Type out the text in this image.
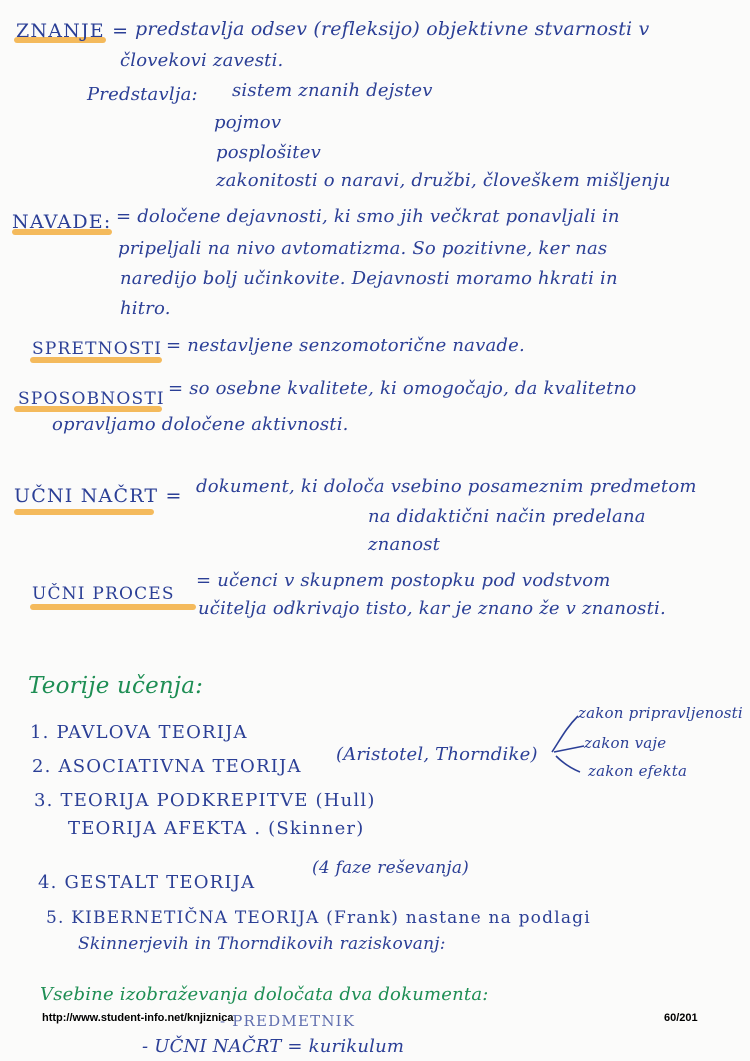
ZNANJE = predstavlja odsev (refleksijo) objektivne stvarnosti v
človekovi zavesti.
Predstavlja: sistem znanih dejstev
pojmov
posplošitev
zakonitosti o naravi, družbi, človeškem mišljenju
NAVADE: = določene dejavnosti, ki smo jih večkrat ponavljali in
pripeljali na nivo avtomatizma. So pozitivne, ker nas
naredijo bolj učinkovite. Dejavnosti moramo hkrati in
hitro.
SPRETNOSTI = nestavljene senzomotorične navade.
SPOSOBNOSTI = so osebne kvalitete, ki omogočajo, da kvalitetno
opravljamo določene aktivnosti.
UČNI NAČRT = dokument, ki določa vsebino posameznim predmetom
na didaktični način predelana
znanost
UČNI PROCES
= učenci v skupnem postopku pod vodstvom
učitelja odkrivajo tisto, kar je znano že v znanosti.
Teorije učenja:
1. PAVLOVA TEORIJA
2. ASOCIATIVNA TEORIJA
(Aristotel, Thorndike)
3. TEORIJA PODKREPITVE (Hull)
TEORIJA AFEKTA . (Skinner)
4. GESTALT TEORIJA
(4 faze reševanja)
5. KIBERNETIČNA TEORIJA (Frank) nastane na podlagi
Skinnerjevih in Thorndikovih raziskovanj:
zakon pripravljenosti
zakon vaje
zakon efekta
Vsebine izobraževanja določata dva dokumenta:
- PREDMETNIK
- UČNI NAČRT = kurikulum
http://www.student-info.net/knjiznica	60/201
